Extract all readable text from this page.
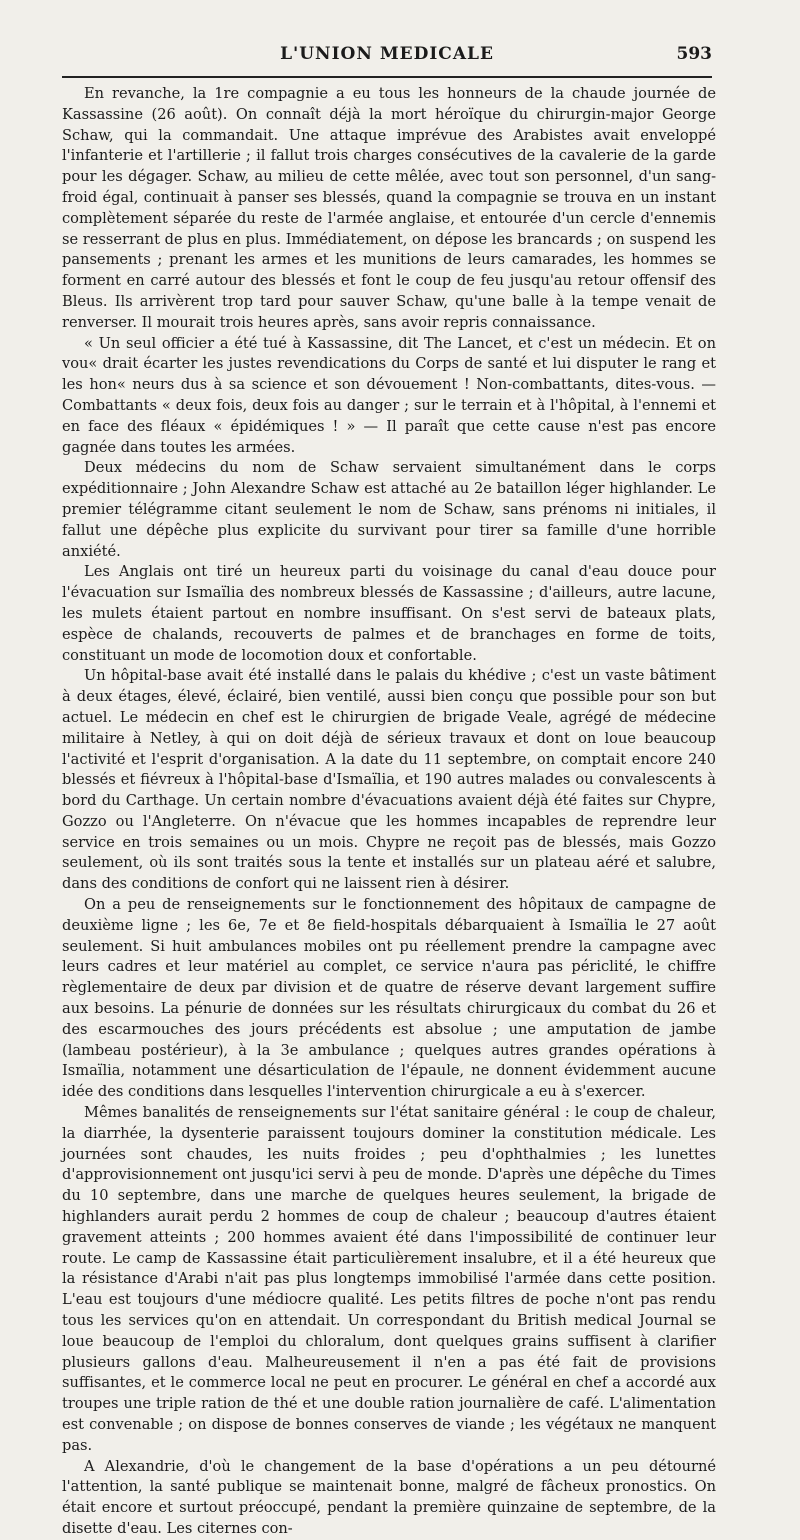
L'UNION MEDICALE	593

En revanche, la 1re compagnie a eu tous les honneurs de la chaude journée de Kassassine (26 août). On connaît déjà la mort héroïque du chirurgin-major George Schaw, qui la commandait. Une attaque imprévue des Arabistes avait enveloppé l'infanterie et l'artillerie ; il fallut trois charges consécutives de la cavalerie de la garde pour les dégager. Schaw, au milieu de cette mêlée, avec tout son personnel, d'un sang-froid égal, continuait à panser ses blessés, quand la compagnie se trouva en un instant complètement séparée du reste de l'armée anglaise, et entourée d'un cercle d'ennemis se resserrant de plus en plus. Immédiatement, on dépose les brancards ; on suspend les pansements ; prenant les armes et les munitions de leurs camarades, les hommes se forment en carré autour des blessés et font le coup de feu jusqu'au retour offensif des Bleus. Ils arrivèrent trop tard pour sauver Schaw, qu'une balle à la tempe venait de renverser. Il mourait trois heures après, sans avoir repris connaissance.

« Un seul officier a été tué à Kassassine, dit The Lancet, et c'est un médecin. Et on vou« drait écarter les justes revendications du Corps de santé et lui disputer le rang et les hon« neurs dus à sa science et son dévouement ! Non-combattants, dites-vous. — Combattants « deux fois, deux fois au danger ; sur le terrain et à l'hôpital, à l'ennemi et en face des fléaux « épidémiques ! » — Il paraît que cette cause n'est pas encore gagnée dans toutes les armées.

Deux médecins du nom de Schaw servaient simultanément dans le corps expéditionnaire ; John Alexandre Schaw est attaché au 2e bataillon léger highlander. Le premier télégramme citant seulement le nom de Schaw, sans prénoms ni initiales, il fallut une dépêche plus explicite du survivant pour tirer sa famille d'une horrible anxiété.

Les Anglais ont tiré un heureux parti du voisinage du canal d'eau douce pour l'évacuation sur Ismaïlia des nombreux blessés de Kassassine ; d'ailleurs, autre lacune, les mulets étaient partout en nombre insuffisant. On s'est servi de bateaux plats, espèce de chalands, recouverts de palmes et de branchages en forme de toits, constituant un mode de locomotion doux et confortable.

Un hôpital-base avait été installé dans le palais du khédive ; c'est un vaste bâtiment à deux étages, élevé, éclairé, bien ventilé, aussi bien conçu que possible pour son but actuel. Le médecin en chef est le chirurgien de brigade Veale, agrégé de médecine militaire à Netley, à qui on doit déjà de sérieux travaux et dont on loue beaucoup l'activité et l'esprit d'organisation. A la date du 11 septembre, on comptait encore 240 blessés et fiévreux à l'hôpital-base d'Ismaïlia, et 190 autres malades ou convalescents à bord du Carthage. Un certain nombre d'évacuations avaient déjà été faites sur Chypre, Gozzo ou l'Angleterre. On n'évacue que les hommes incapables de reprendre leur service en trois semaines ou un mois. Chypre ne reçoit pas de blessés, mais Gozzo seulement, où ils sont traités sous la tente et installés sur un plateau aéré et salubre, dans des conditions de confort qui ne laissent rien à désirer.

On a peu de renseignements sur le fonctionnement des hôpitaux de campagne de deuxième ligne ; les 6e, 7e et 8e field-hospitals débarquaient à Ismaïlia le 27 août seulement. Si huit ambulances mobiles ont pu réellement prendre la campagne avec leurs cadres et leur matériel au complet, ce service n'aura pas périclité, le chiffre règlementaire de deux par division et de quatre de réserve devant largement suffire aux besoins. La pénurie de données sur les résultats chirurgicaux du combat du 26 et des escarmouches des jours précédents est absolue ; une amputation de jambe (lambeau postérieur), à la 3e ambulance ; quelques autres grandes opérations à Ismaïlia, notamment une désarticulation de l'épaule, ne donnent évidemment aucune idée des conditions dans lesquelles l'intervention chirurgicale a eu à s'exercer.

Mêmes banalités de renseignements sur l'état sanitaire général : le coup de chaleur, la diarrhée, la dysenterie paraissent toujours dominer la constitution médicale. Les journées sont chaudes, les nuits froides ; peu d'ophthalmies ; les lunettes d'approvisionnement ont jusqu'ici servi à peu de monde. D'après une dépêche du Times du 10 septembre, dans une marche de quelques heures seulement, la brigade de highlanders aurait perdu 2 hommes de coup de chaleur ; beaucoup d'autres étaient gravement atteints ; 200 hommes avaient été dans l'impossibilité de continuer leur route. Le camp de Kassassine était particulièrement insalubre, et il a été heureux que la résistance d'Arabi n'ait pas plus longtemps immobilisé l'armée dans cette position. L'eau est toujours d'une médiocre qualité. Les petits filtres de poche n'ont pas rendu tous les services qu'on en attendait. Un correspondant du British medical Journal se loue beaucoup de l'emploi du chloralum, dont quelques grains suffisent à clarifier plusieurs gallons d'eau. Malheureusement il n'en a pas été fait de provisions suffisantes, et le commerce local ne peut en procurer. Le général en chef a accordé aux troupes une triple ration de thé et une double ration journalière de café. L'alimentation est convenable ; on dispose de bonnes conserves de viande ; les végétaux ne manquent pas.

A Alexandrie, d'où le changement de la base d'opérations a un peu détourné l'attention, la santé publique se maintenait bonne, malgré de fâcheux pronostics. On était encore et surtout préoccupé, pendant la première quinzaine de septembre, de la disette d'eau. Les citernes con-
